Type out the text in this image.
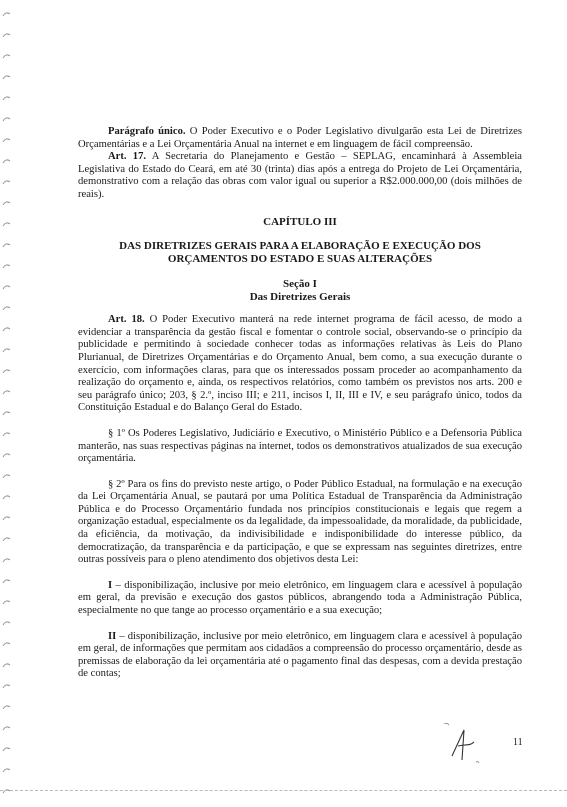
Parágrafo único. O Poder Executivo e o Poder Legislativo divulgarão esta Lei de Diretrizes Orçamentárias e a Lei Orçamentária Anual na internet e em linguagem de fácil compreensão.

Art. 17. A Secretaria do Planejamento e Gestão – SEPLAG, encaminhará à Assembleia Legislativa do Estado do Ceará, em até 30 (trinta) dias após a entrega do Projeto de Lei Orçamentária, demonstrativo com a relação das obras com valor igual ou superior a R$2.000.000,00 (dois milhões de reais).

CAPÍTULO III

DAS DIRETRIZES GERAIS PARA A ELABORAÇÃO E EXECUÇÃO DOS
ORÇAMENTOS DO ESTADO E SUAS ALTERAÇÕES

Seção I
Das Diretrizes Gerais

Art. 18. O Poder Executivo manterá na rede internet programa de fácil acesso, de modo a evidenciar a transparência da gestão fiscal e fomentar o controle social, observando-se o princípio da publicidade e permitindo à sociedade conhecer todas as informações relativas às Leis do Plano Plurianual, de Diretrizes Orçamentárias e do Orçamento Anual, bem como, a sua execução durante o exercício, com informações claras, para que os interessados possam proceder ao acompanhamento da realização do orçamento e, ainda, os respectivos relatórios, como também os previstos nos arts. 200 e seu parágrafo único; 203, § 2.º, inciso III; e 211, incisos I, II, III e IV, e seu parágrafo único, todos da Constituição Estadual e do Balanço Geral do Estado.

§ 1º Os Poderes Legislativo, Judiciário e Executivo, o Ministério Público e a Defensoria Pública manterão, nas suas respectivas páginas na internet, todos os demonstrativos atualizados de sua execução orçamentária.

§ 2º Para os fins do previsto neste artigo, o Poder Público Estadual, na formulação e na execução da Lei Orçamentária Anual, se pautará por uma Política Estadual de Transparência da Administração Pública e do Processo Orçamentário fundada nos princípios constitucionais e legais que regem a organização estadual, especialmente os da legalidade, da impessoalidade, da moralidade, da publicidade, da eficiência, da motivação, da indivisibilidade e indisponibilidade do interesse público, da democratização, da transparência e da participação, e que se expressam nas seguintes diretrizes, entre outras possíveis para o pleno atendimento dos objetivos desta Lei:

I – disponibilização, inclusive por meio eletrônico, em linguagem clara e acessível à população em geral, da previsão e execução dos gastos públicos, abrangendo toda a Administração Pública, especialmente no que tange ao processo orçamentário e a sua execução;

II – disponibilização, inclusive por meio eletrônico, em linguagem clara e acessível à população em geral, de informações que permitam aos cidadãos a compreensão do processo orçamentário, desde as premissas de elaboração da lei orçamentária até o pagamento final das despesas, com a devida prestação de contas;

11
